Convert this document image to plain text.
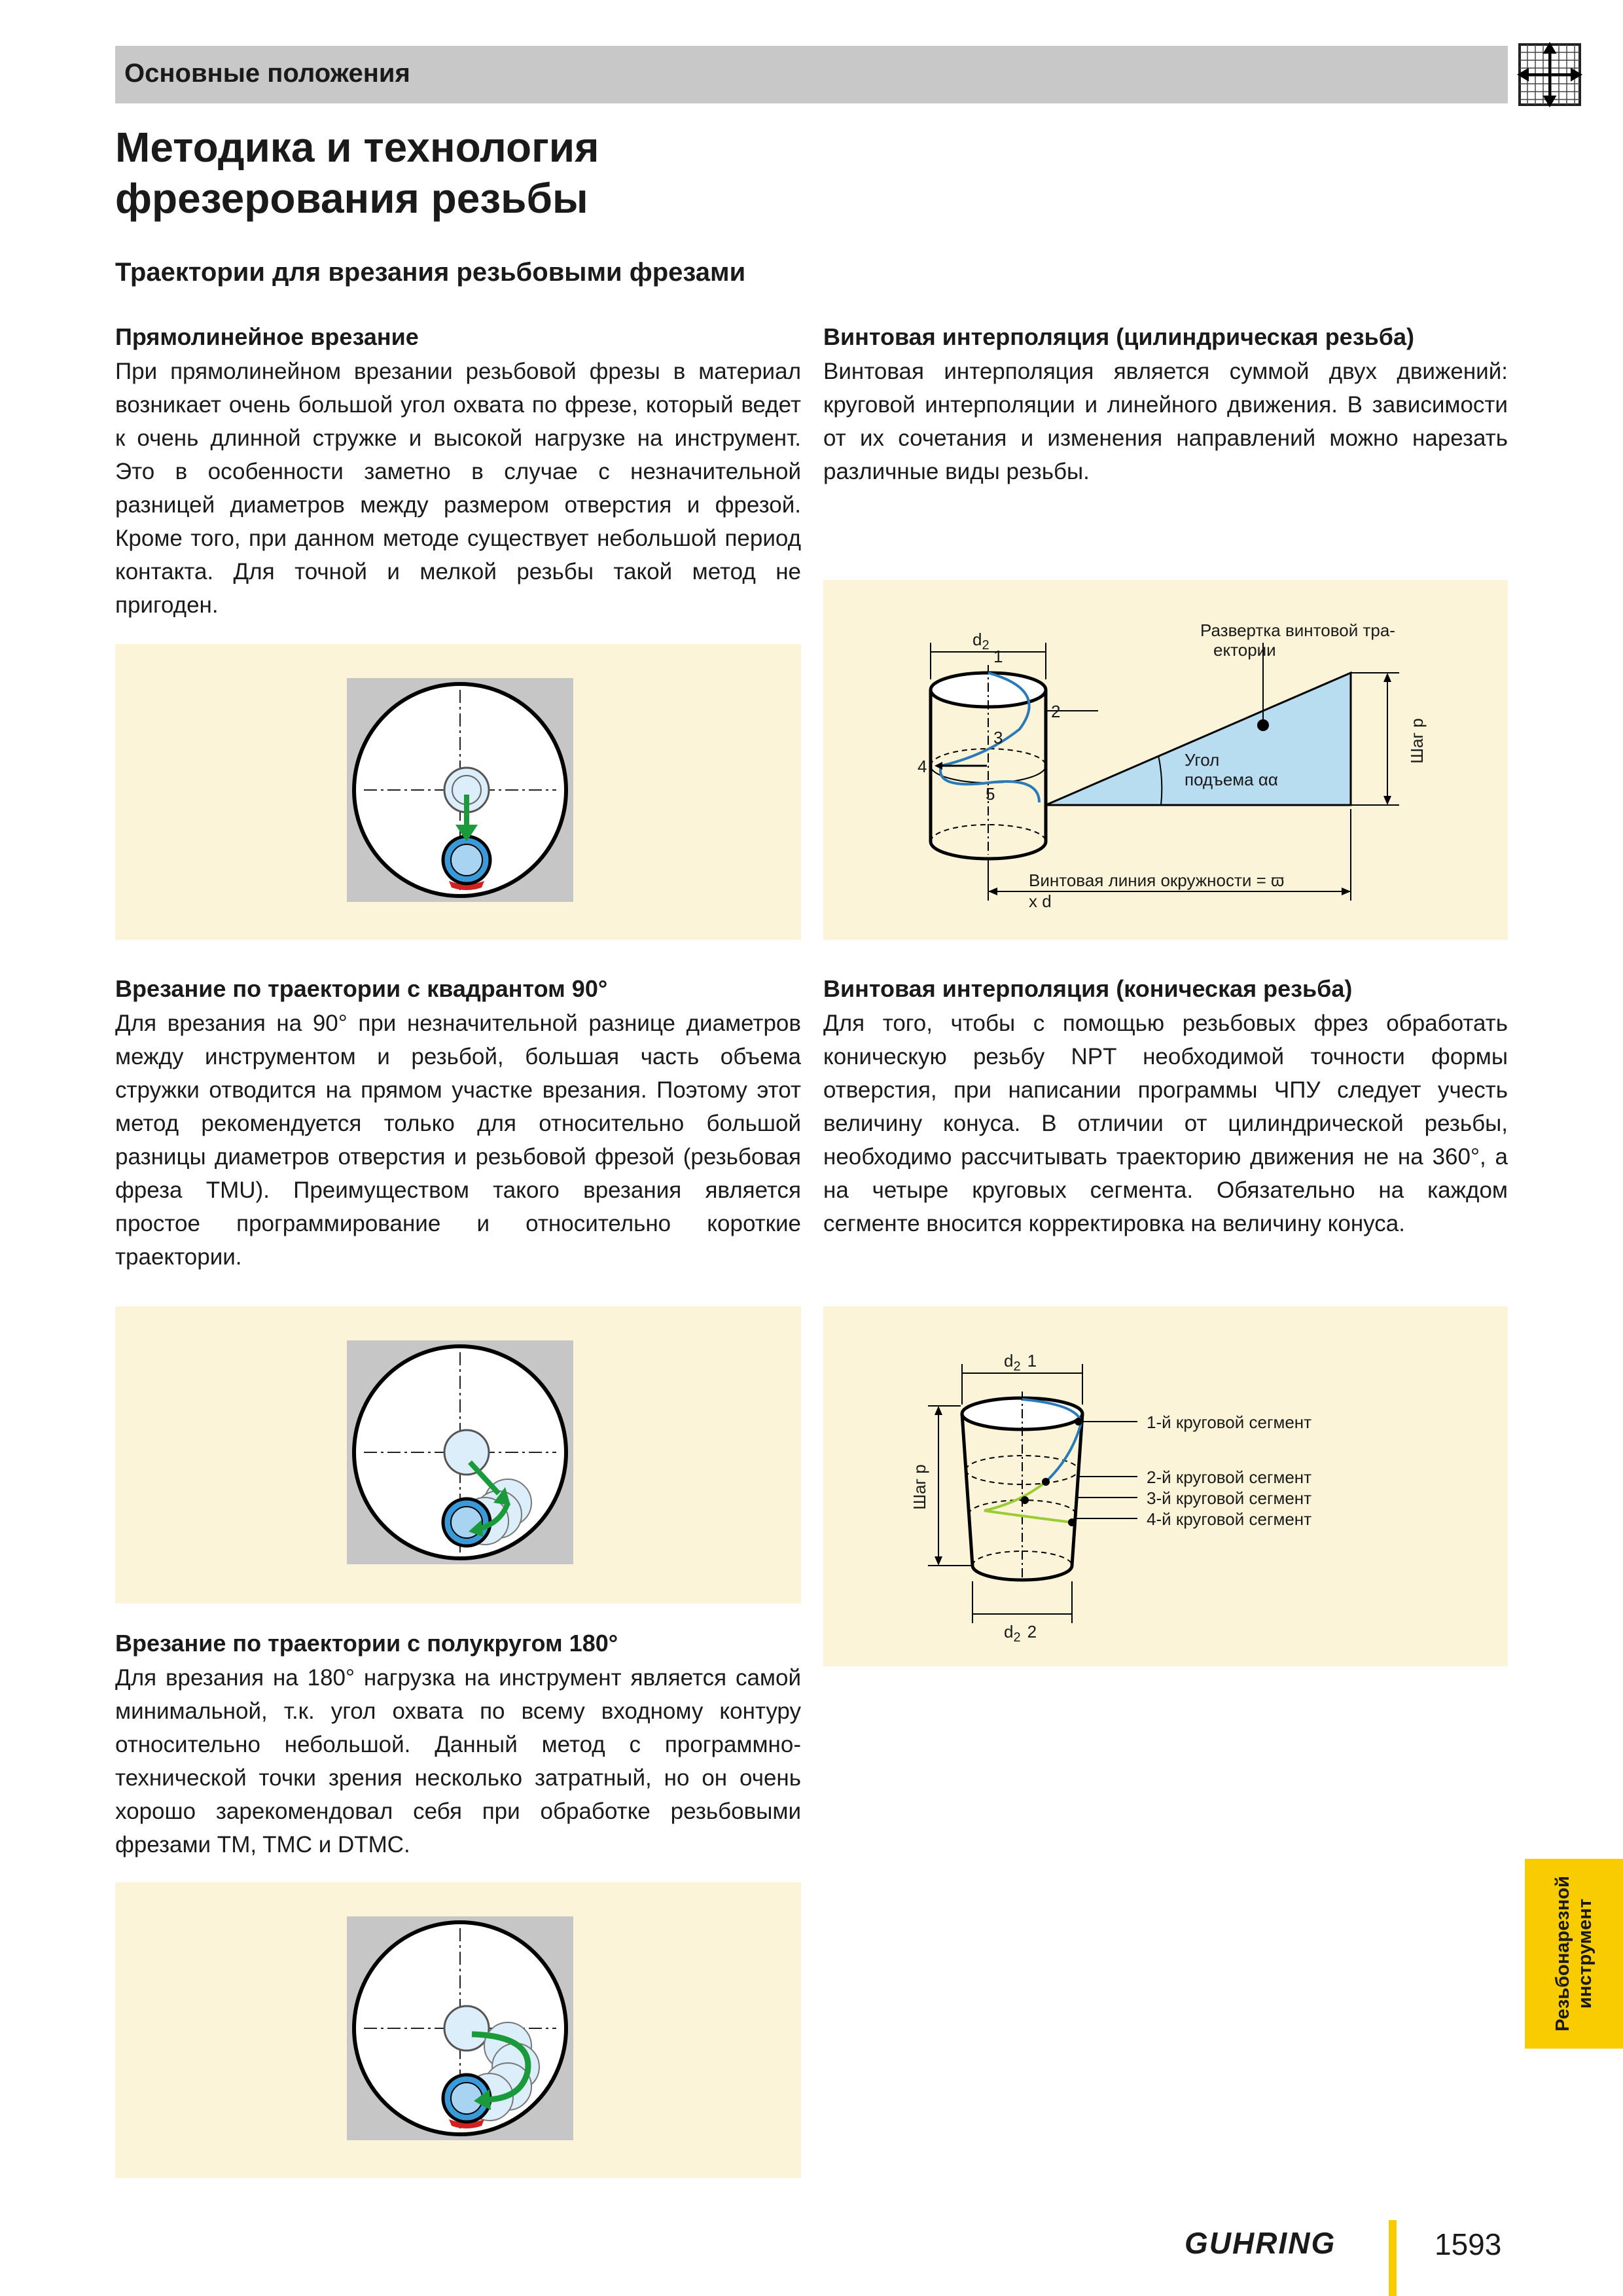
Основные положения
Методика и технология
фрезерования резьбы
Траектории для врезания резьбовыми фрезами
Прямолинейное врезание
При прямолинейном врезании резьбовой фрезы в материал возникает очень большой угол охвата по фрезе, который ведет к очень длинной стружке и высокой нагрузке на инструмент. Это в особенности заметно в случае с незначительной разницей диаметров между размером отверстия и фрезой. Кроме того, при данном методе существует небольшой период контакта. Для точной и мелкой резьбы такой метод не пригоден.
Врезание по траектории с квадрантом 90°
Для врезания на 90° при незначительной разнице диаметров между инструментом и резьбой, большая часть объема стружки отводится на прямом участке врезания. Поэтому этот метод рекомендуется только для относительно большой разницы диаметров отверстия и резьбовой фрезой (резьбовая фреза TMU). Преимуществом такого врезания является простое программирование и относительно короткие траектории.
Врезание по траектории с полукругом 180°
Для врезания на 180° нагрузка на инструмент является самой минимальной, т.к. угол охвата по всему входному контуру относительно небольшой. Данный метод с программно-технической точки зрения несколько затратный, но он очень хорошо зарекомендовал себя при обработке резьбовыми фрезами TM, TMC и DTMC.
Винтовая интерполяция (цилиндрическая резьба)
Винтовая интерполяция является суммой двух движений: круговой интерполяции и линейного движения. В зависимости от их сочетания и изменения направлений можно нарезать различные виды резьбы.
Шаг p
Развертка винтовой тра-
ектории
Угол
подъема αα
1
2
3
4
5
$d_2$
Винтовая линия окружности = ϖ
x d
Винтовая интерполяция (коническая резьба)
Для того, чтобы с помощью резьбовых фрез обработать коническую резьбу NPT необходимой точности формы отверстия, при написании программы ЧПУ следует учесть величину конуса. В отличии от цилиндрической резьбы, необходимо рассчитывать траекторию движения не на 360°, а на четыре круговых сегмента. Обязательно на каждом сегменте вносится корректировка на величину конуса.
$d_2$ 1
1-й круговой сегмент
2-й круговой сегмент
3-й круговой сегмент
4-й круговой сегмент
Шаг p
$d_2$ 2
Резьбонарезной инструмент
GUHRING	1593
